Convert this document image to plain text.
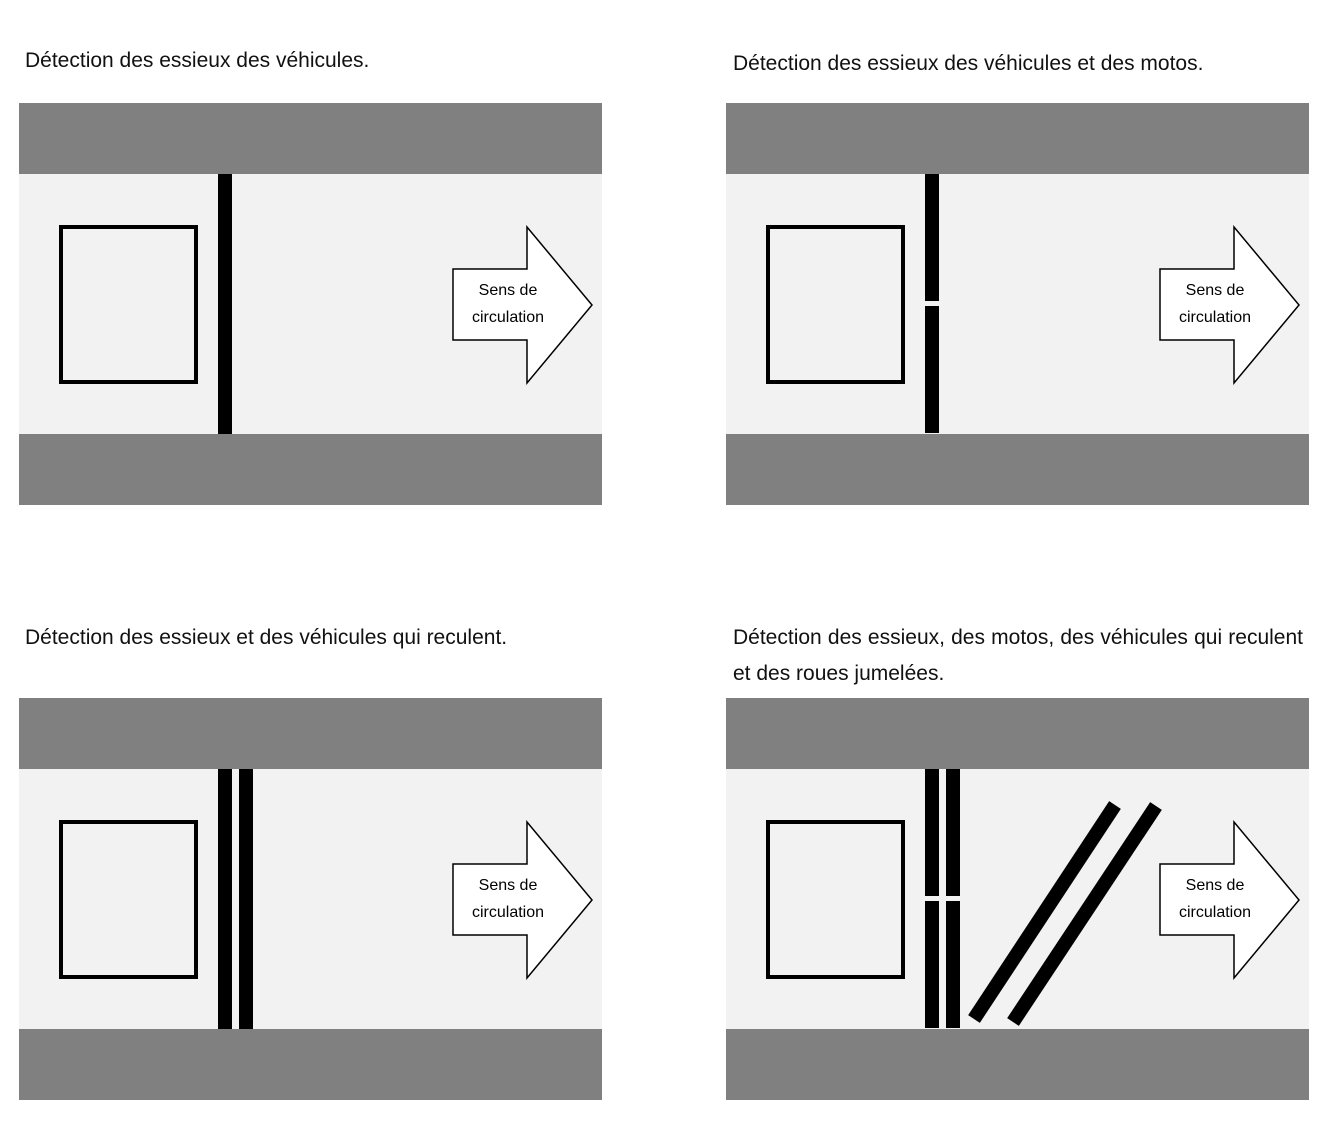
Détection des essieux des véhicules.

Sens de
circulation

Détection des essieux des véhicules et des motos.

Sens de
circulation

Détection des essieux et des véhicules qui reculent.

Sens de
circulation

Détection des essieux, des motos, des véhicules qui reculent et des roues jumelées.

Sens de
circulation
